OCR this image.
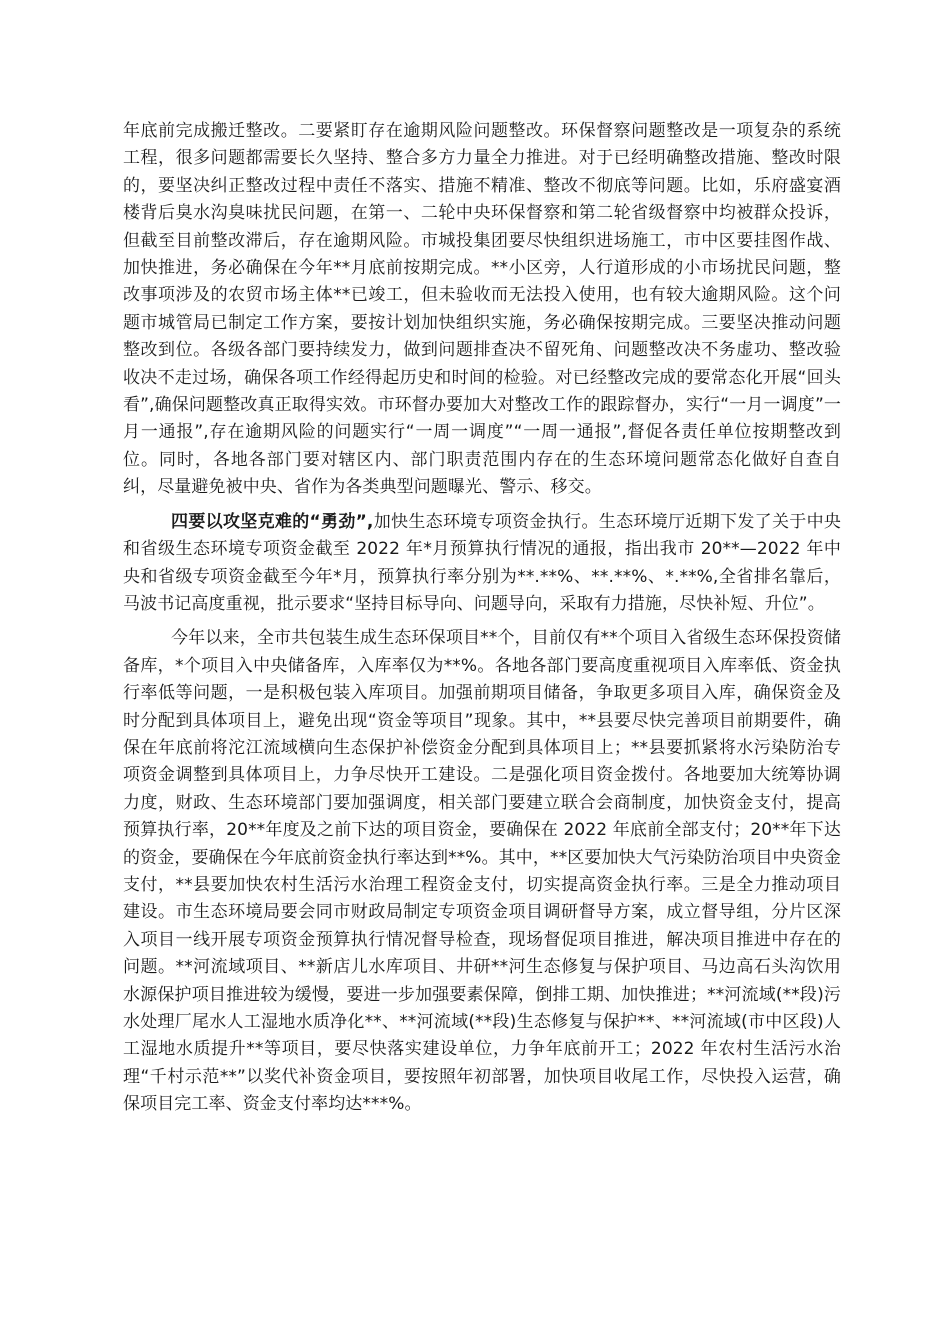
年底前完成搬迁整改。二要紧盯存在逾期风险问题整改。环保督察问题整改是一项复杂的系统工程，很多问题都需要长久坚持、整合多方力量全力推进。对于已经明确整改措施、整改时限的，要坚决纠正整改过程中责任不落实、措施不精准、整改不彻底等问题。比如，乐府盛宴酒楼背后臭水沟臭味扰民问题，在第一、二轮中央环保督察和第二轮省级督察中均被群众投诉，但截至目前整改滞后，存在逾期风险。市城投集团要尽快组织进场施工，市中区要挂图作战、加快推进，务必确保在今年**月底前按期完成。**小区旁，人行道形成的小市场扰民问题，整改事项涉及的农贸市场主体**已竣工，但未验收而无法投入使用，也有较大逾期风险。这个问题市城管局已制定工作方案，要按计划加快组织实施，务必确保按期完成。三要坚决推动问题整改到位。各级各部门要持续发力，做到问题排查决不留死角、问题整改决不务虚功、整改验收决不走过场，确保各项工作经得起历史和时间的检验。对已经整改完成的要常态化开展“回头看”,确保问题整改真正取得实效。市环督办要加大对整改工作的跟踪督办，实行“一月一调度”一月一通报”,存在逾期风险的问题实行“一周一调度”“一周一通报”,督促各责任单位按期整改到位。同时，各地各部门要对辖区内、部门职责范围内存在的生态环境问题常态化做好自查自纠，尽量避免被中央、省作为各类典型问题曝光、警示、移交。

四要以攻坚克难的“勇劲”,加快生态环境专项资金执行。生态环境厅近期下发了关于中央和省级生态环境专项资金截至 2022 年*月预算执行情况的通报，指出我市 20**—2022 年中央和省级专项资金截至今年*月，预算执行率分别为**.**%、**.**%、*.**%,全省排名靠后，马波书记高度重视，批示要求“坚持目标导向、问题导向，采取有力措施，尽快补短、升位”。

今年以来，全市共包装生成生态环保项目**个，目前仅有**个项目入省级生态环保投资储备库，*个项目入中央储备库，入库率仅为**%。各地各部门要高度重视项目入库率低、资金执行率低等问题，一是积极包装入库项目。加强前期项目储备，争取更多项目入库，确保资金及时分配到具体项目上，避免出现“资金等项目”现象。其中，**县要尽快完善项目前期要件，确保在年底前将沱江流域横向生态保护补偿资金分配到具体项目上；**县要抓紧将水污染防治专项资金调整到具体项目上，力争尽快开工建设。二是强化项目资金拨付。各地要加大统筹协调力度，财政、生态环境部门要加强调度，相关部门要建立联合会商制度，加快资金支付，提高预算执行率，20**年度及之前下达的项目资金，要确保在 2022 年底前全部支付；20**年下达的资金，要确保在今年底前资金执行率达到**%。其中，**区要加快大气污染防治项目中央资金支付，**县要加快农村生活污水治理工程资金支付，切实提高资金执行率。三是全力推动项目建设。市生态环境局要会同市财政局制定专项资金项目调研督导方案，成立督导组，分片区深入项目一线开展专项资金预算执行情况督导检查，现场督促项目推进，解决项目推进中存在的问题。**河流域项目、**新店儿水库项目、井研**河生态修复与保护项目、马边高石头沟饮用水源保护项目推进较为缓慢，要进一步加强要素保障，倒排工期、加快推进；**河流域(**段)污水处理厂尾水人工湿地水质净化**、**河流域(**段)生态修复与保护**、**河流域(市中区段)人工湿地水质提升**等项目，要尽快落实建设单位，力争年底前开工；2022 年农村生活污水治理“千村示范**”以奖代补资金项目，要按照年初部署，加快项目收尾工作，尽快投入运营，确保项目完工率、资金支付率均达***%。
